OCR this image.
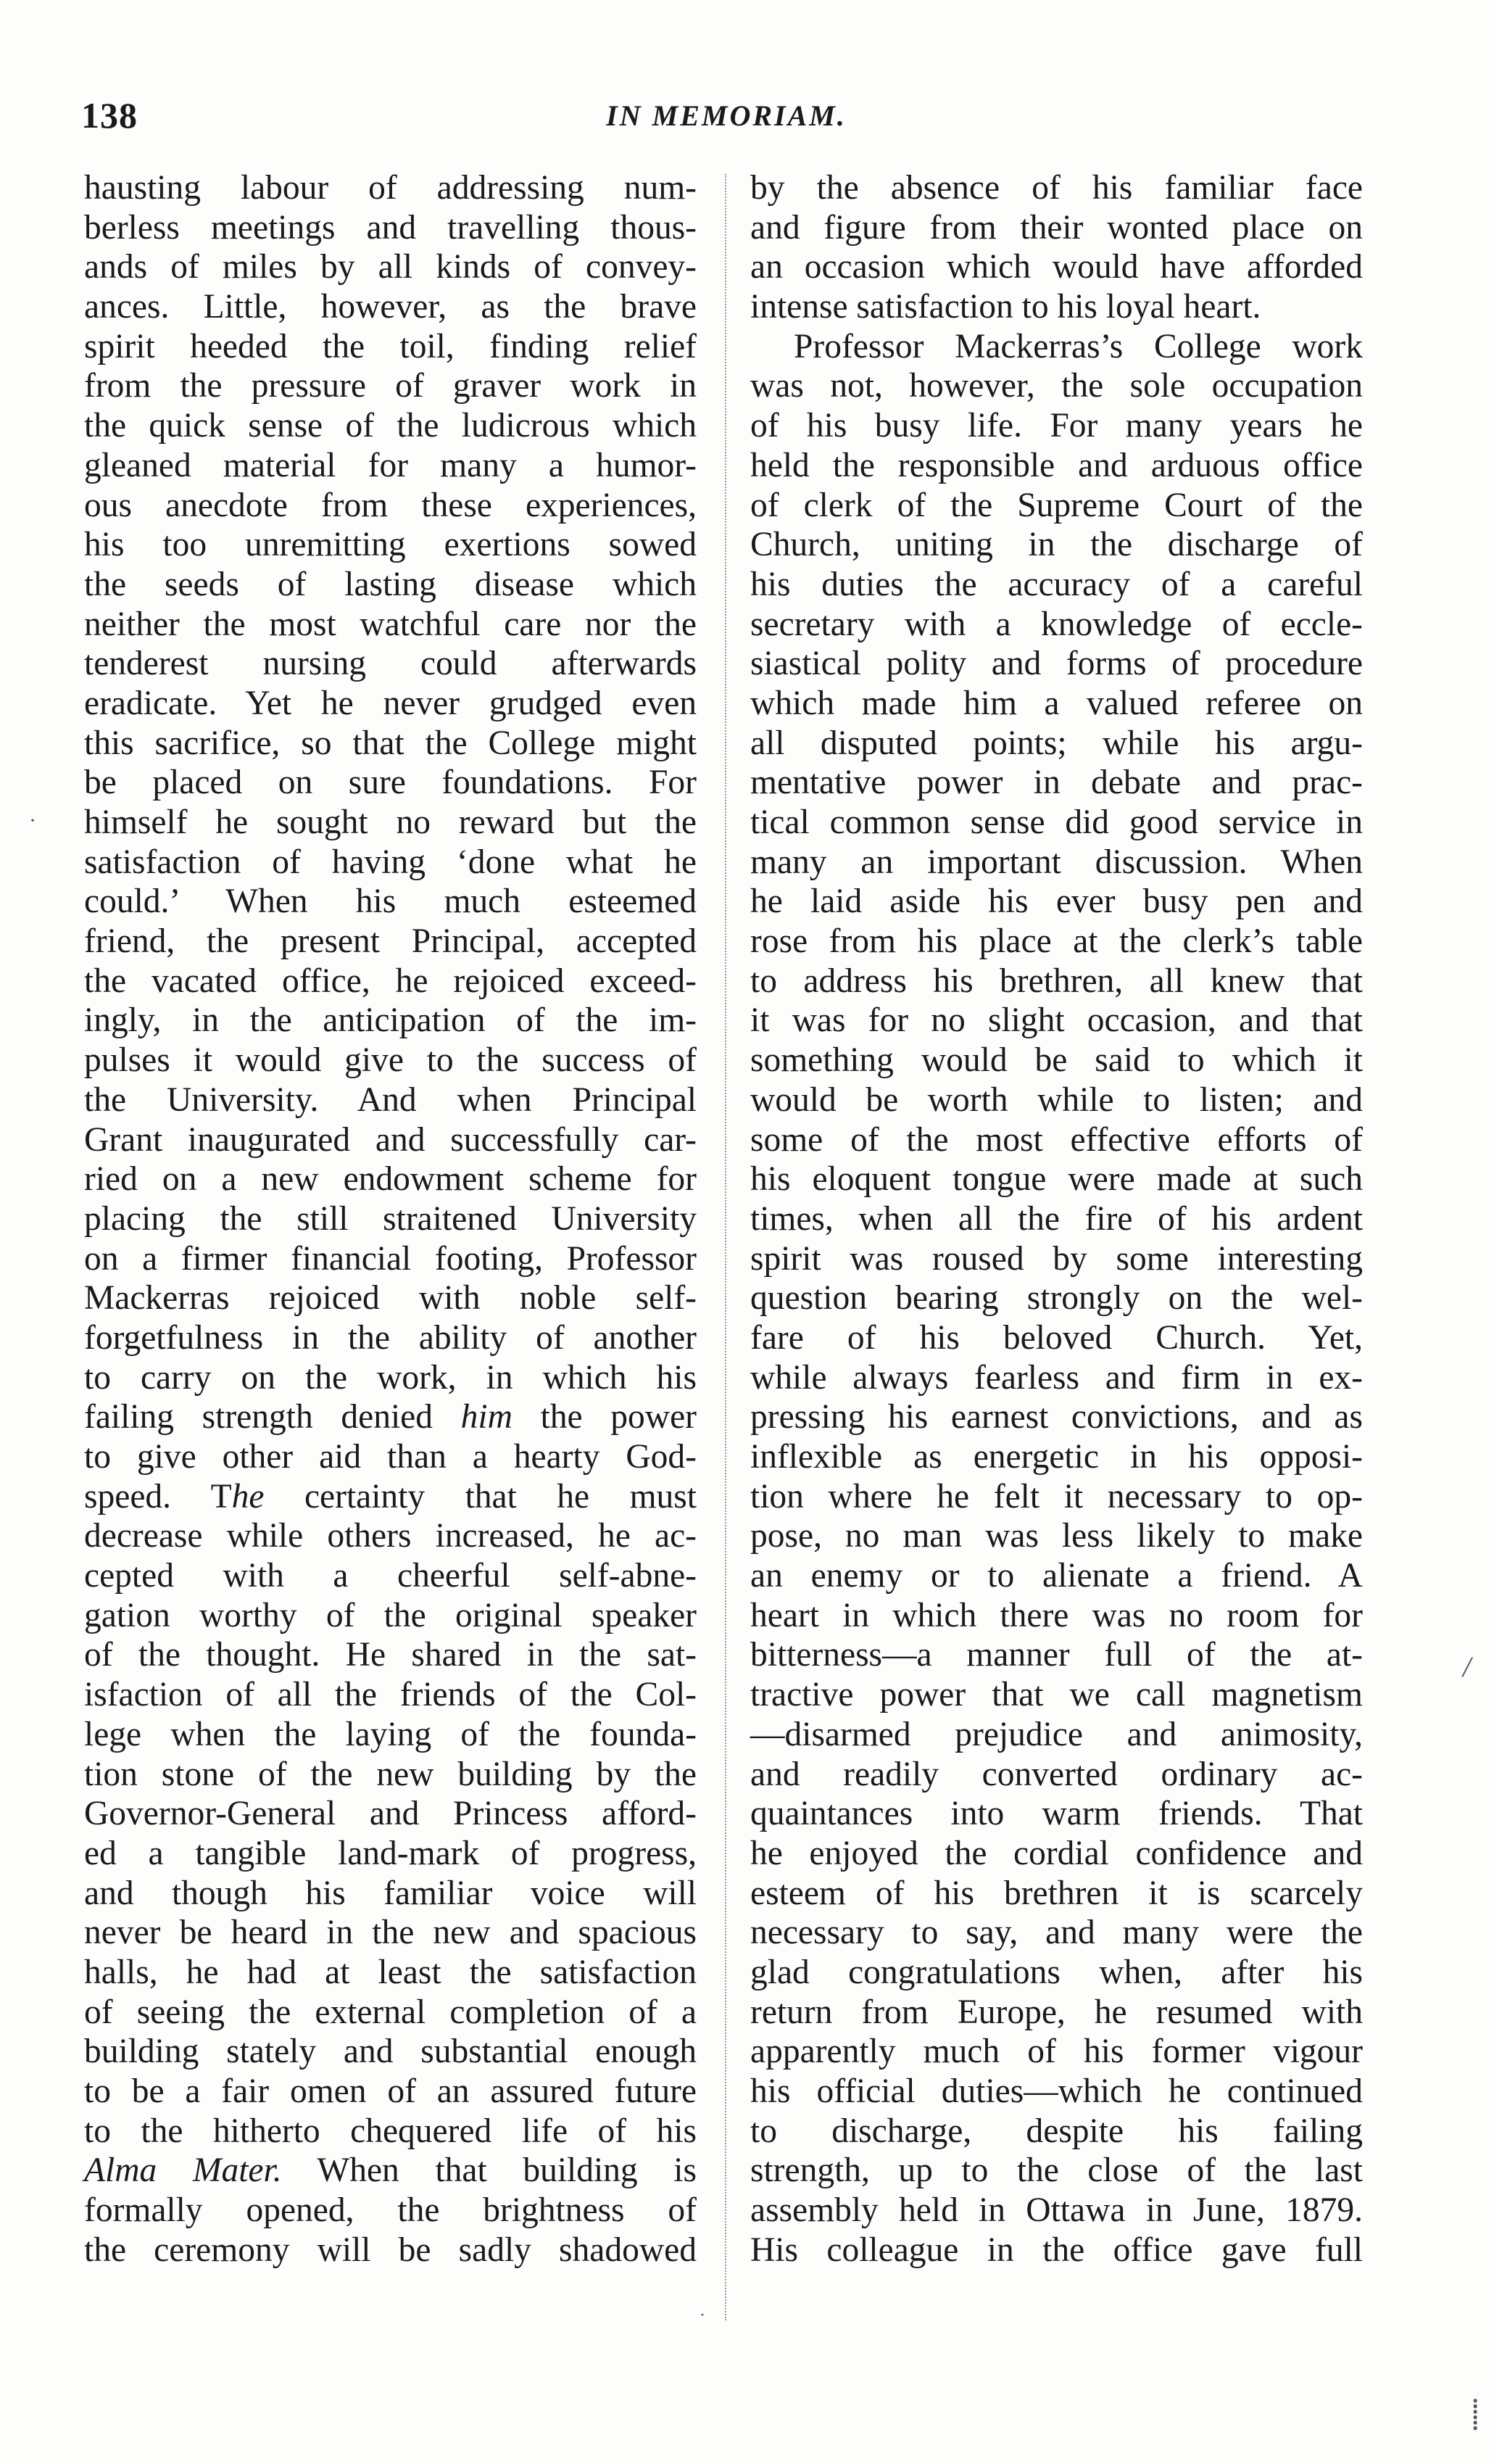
138	IN MEMORIAM.
hausting labour of addressing num-
berless meetings and travelling thous-
ands of miles by all kinds of convey-
ances. Little, however, as the brave
spirit heeded the toil, finding relief
from the pressure of graver work in
the quick sense of the ludicrous which
gleaned material for many a humor-
ous anecdote from these experiences,
his too unremitting exertions sowed
the seeds of lasting disease which
neither the most watchful care nor the
tenderest nursing could afterwards
eradicate. Yet he never grudged even
this sacrifice, so that the College might
be placed on sure foundations. For
himself he sought no reward but the
satisfaction of having ‘done what he
could.’ When his much esteemed
friend, the present Principal, accepted
the vacated office, he rejoiced exceed-
ingly, in the anticipation of the im-
pulses it would give to the success of
the University. And when Principal
Grant inaugurated and successfully car-
ried on a new endowment scheme for
placing the still straitened University
on a firmer financial footing, Professor
Mackerras rejoiced with noble self-
forgetfulness in the ability of another
to carry on the work, in which his
failing strength denied him the power
to give other aid than a hearty God-
speed. The certainty that he must
decrease while others increased, he ac-
cepted with a cheerful self-abne-
gation worthy of the original speaker
of the thought. He shared in the sat-
isfaction of all the friends of the Col-
lege when the laying of the founda-
tion stone of the new building by the
Governor-General and Princess afford-
ed a tangible land-mark of progress,
and though his familiar voice will
never be heard in the new and spacious
halls, he had at least the satisfaction
of seeing the external completion of a
building stately and substantial enough
to be a fair omen of an assured future
to the hitherto chequered life of his
Alma Mater. When that building is
formally opened, the brightness of
the ceremony will be sadly shadowed
by the absence of his familiar face
and figure from their wonted place on
an occasion which would have afforded
intense satisfaction to his loyal heart.
Professor Mackerras’s College work
was not, however, the sole occupation
of his busy life. For many years he
held the responsible and arduous office
of clerk of the Supreme Court of the
Church, uniting in the discharge of
his duties the accuracy of a careful
secretary with a knowledge of eccle-
siastical polity and forms of procedure
which made him a valued referee on
all disputed points; while his argu-
mentative power in debate and prac-
tical common sense did good service in
many an important discussion. When
he laid aside his ever busy pen and
rose from his place at the clerk’s table
to address his brethren, all knew that
it was for no slight occasion, and that
something would be said to which it
would be worth while to listen; and
some of the most effective efforts of
his eloquent tongue were made at such
times, when all the fire of his ardent
spirit was roused by some interesting
question bearing strongly on the wel-
fare of his beloved Church. Yet,
while always fearless and firm in ex-
pressing his earnest convictions, and as
inflexible as energetic in his opposi-
tion where he felt it necessary to op-
pose, no man was less likely to make
an enemy or to alienate a friend. A
heart in which there was no room for
bitterness—a manner full of the at-
tractive power that we call magnetism
—disarmed prejudice and animosity,
and readily converted ordinary ac-
quaintances into warm friends. That
he enjoyed the cordial confidence and
esteem of his brethren it is scarcely
necessary to say, and many were the
glad congratulations when, after his
return from Europe, he resumed with
apparently much of his former vigour
his official duties—which he continued
to discharge, despite his failing
strength, up to the close of the last
assembly held in Ottawa in June, 1879.
His colleague in the office gave full
·
/
·
⸽
